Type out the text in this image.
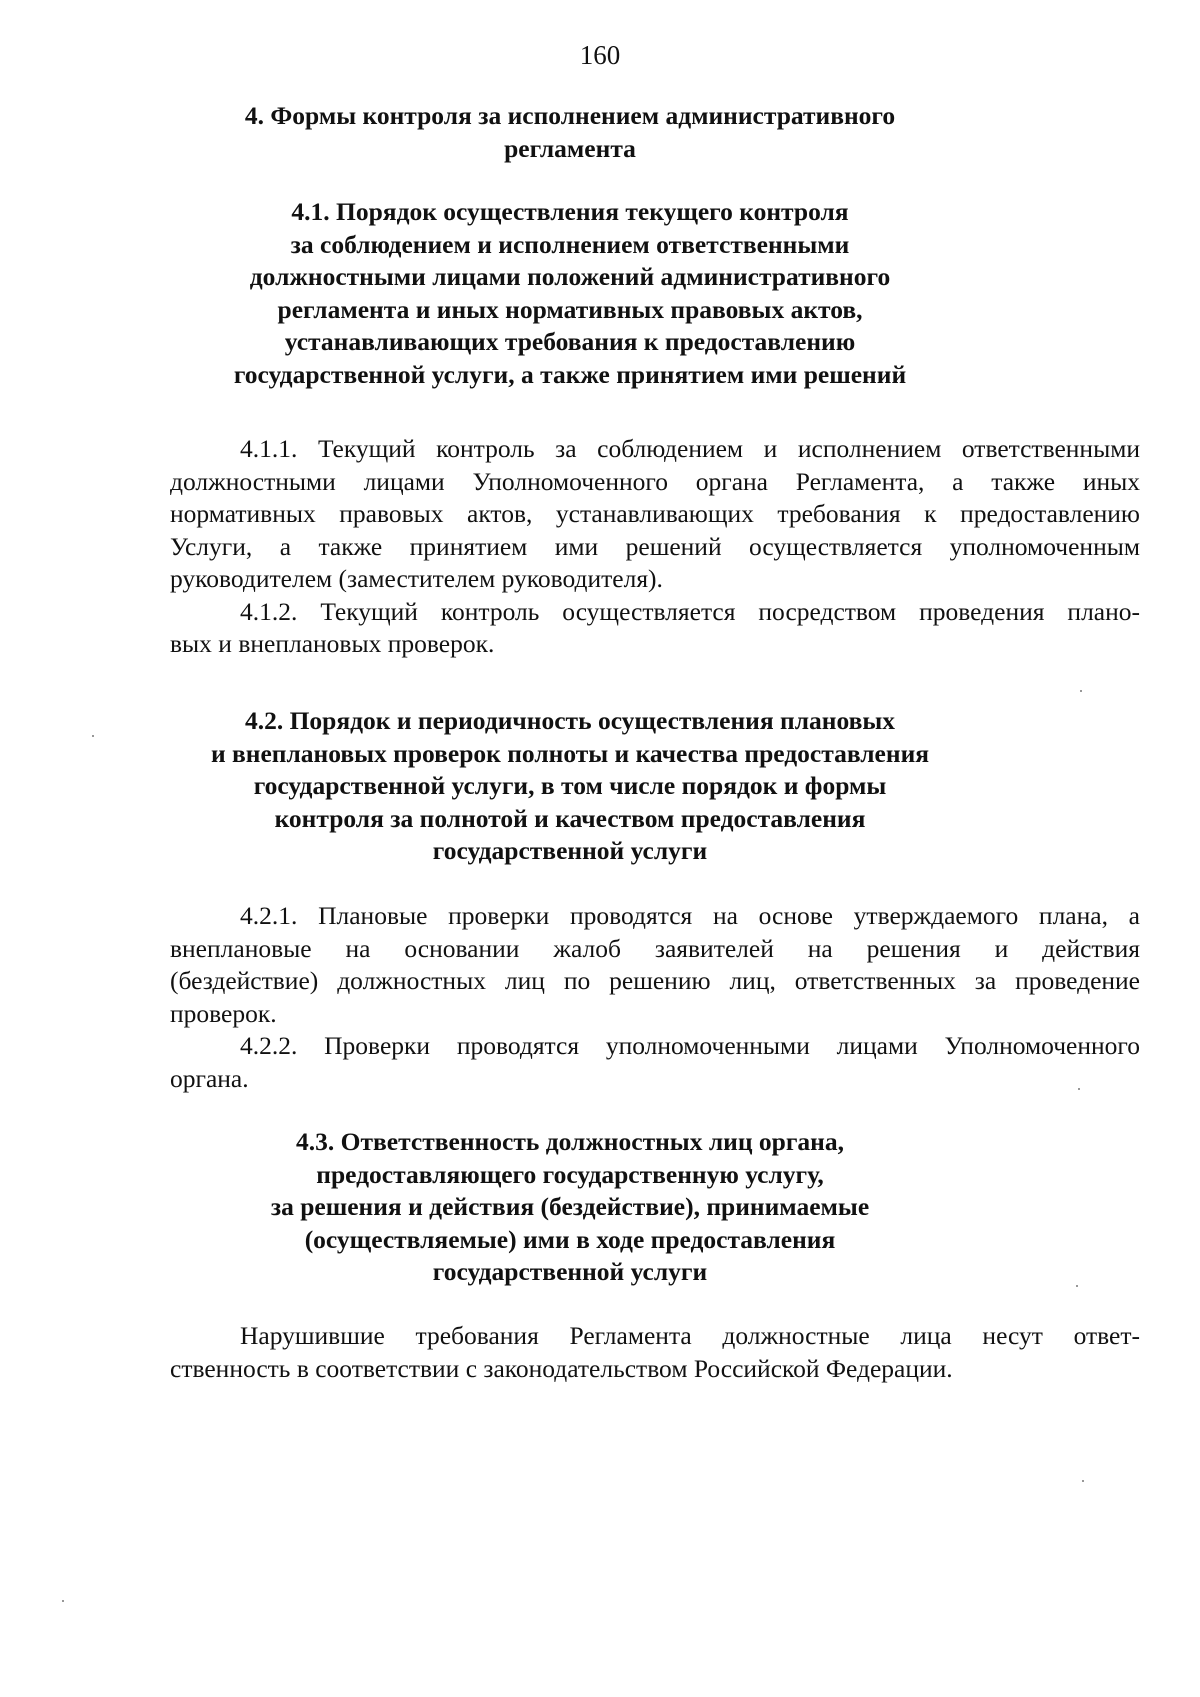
160
4. Формы контроля за исполнением административного
регламента
4.1. Порядок осуществления текущего контроля
за соблюдением и исполнением ответственными
должностными лицами положений административного
регламента и иных нормативных правовых актов,
устанавливающих требования к предоставлению
государственной услуги, а также принятием ими решений

4.1.1. Текущий контроль за соблюдением и исполнением ответственными
должностными лицами Уполномоченного органа Регламента, а также иных
нормативных правовых актов, устанавливающих требования к предоставлению
Услуги, а также принятием ими решений осуществляется уполномоченным
руководителем (заместителем руководителя).

4.1.2. Текущий контроль осуществляется посредством проведения плано-
вых и внеплановых проверок.

4.2. Порядок и периодичность осуществления плановых
и внеплановых проверок полноты и качества предоставления
государственной услуги, в том числе порядок и формы
контроля за полнотой и качеством предоставления
государственной услуги

4.2.1. Плановые проверки проводятся на основе утверждаемого плана, а
внеплановые на основании жалоб заявителей на решения и действия
(бездействие) должностных лиц по решению лиц, ответственных за проведение
проверок.

4.2.2. Проверки проводятся уполномоченными лицами Уполномоченного
органа.

4.3. Ответственность должностных лиц органа,
предоставляющего государственную услугу,
за решения и действия (бездействие), принимаемые
(осуществляемые) ими в ходе предоставления
государственной услуги

Нарушившие требования Регламента должностные лица несут ответ-
ственность в соответствии с законодательством Российской Федерации.
